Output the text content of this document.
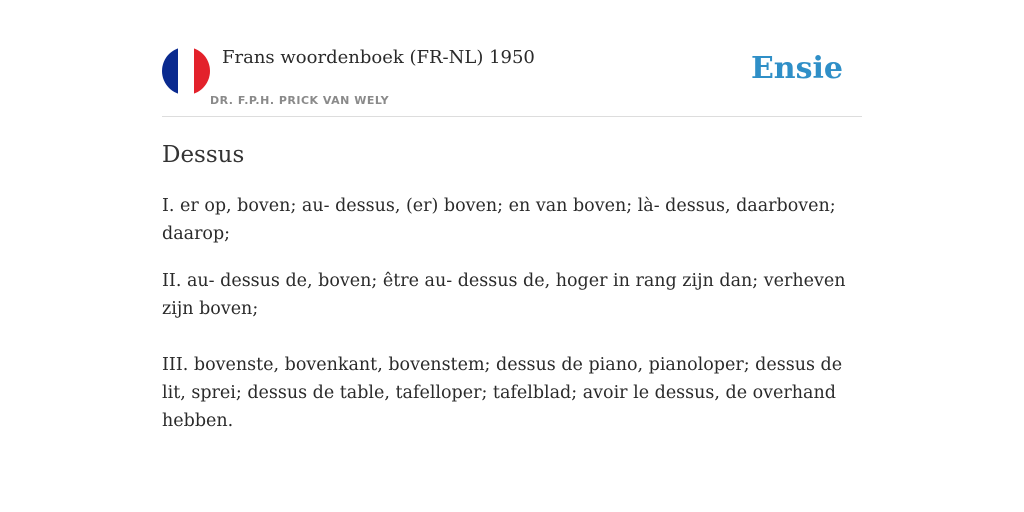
Frans woordenboek (FR-NL) 1950
DR. F.P.H. PRICK VAN WELY
Ensie
Dessus

I. er op, boven; au- dessus, (er) boven; en van boven; là- dessus, daarboven; daarop;

II. au- dessus de, boven; être au- dessus de, hoger in rang zijn dan; verheven zijn boven;

III. bovenste, bovenkant, bovenstem; dessus de piano, pianoloper; dessus de lit, sprei; dessus de table, tafelloper; tafelblad; avoir le dessus, de overhand hebben.
